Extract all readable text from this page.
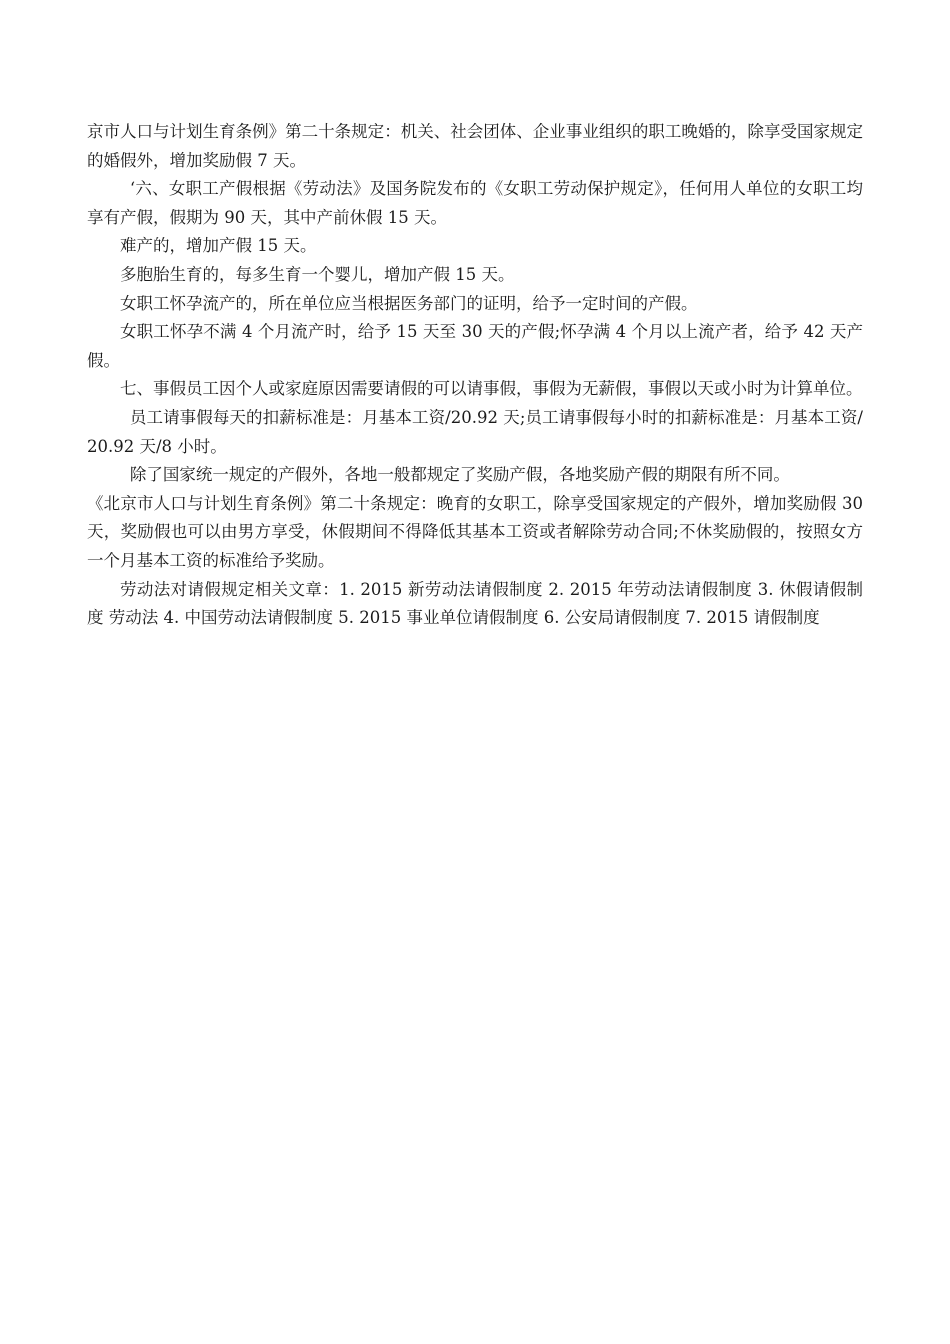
京市人口与计划生育条例》第二十条规定：机关、社会团体、企业事业组织的职工晚婚的，除享受国家规定的婚假外，增加奖励假 7 天。

‘六、女职工产假根据《劳动法》及国务院发布的《女职工劳动保护规定》，任何用人单位的女职工均享有产假，假期为 90 天，其中产前休假 15 天。

难产的，增加产假 15 天。

多胞胎生育的，每多生育一个婴儿，增加产假 15 天。

女职工怀孕流产的，所在单位应当根据医务部门的证明，给予一定时间的产假。

女职工怀孕不满 4 个月流产时，给予 15 天至 30 天的产假;怀孕满 4 个月以上流产者，给予 42 天产假。

七、事假员工因个人或家庭原因需要请假的可以请事假，事假为无薪假，事假以天或小时为计算单位。

员工请事假每天的扣薪标准是：月基本工资/20.92 天;员工请事假每小时的扣薪标准是：月基本工资/20.92 天/8 小时。

除了国家统一规定的产假外，各地一般都规定了奖励产假，各地奖励产假的期限有所不同。

《北京市人口与计划生育条例》第二十条规定：晚育的女职工，除享受国家规定的产假外，增加奖励假 30 天，奖励假也可以由男方享受，休假期间不得降低其基本工资或者解除劳动合同;不休奖励假的，按照女方一个月基本工资的标准给予奖励。

劳动法对请假规定相关文章：1. 2015 新劳动法请假制度 2. 2015 年劳动法请假制度 3. 休假请假制度 劳动法 4. 中国劳动法请假制度 5. 2015 事业单位请假制度 6. 公安局请假制度 7. 2015 请假制度
